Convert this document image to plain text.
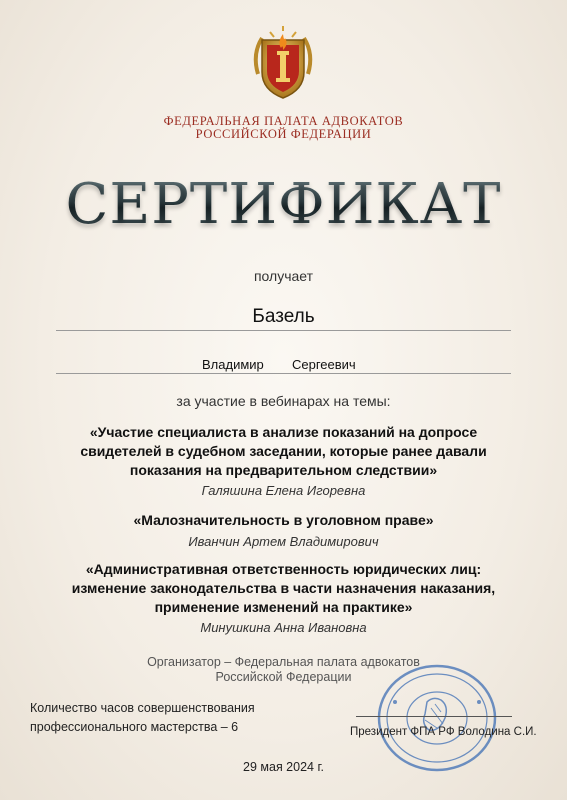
ФЕДЕРАЛЬНАЯ ПАЛАТА АДВОКАТОВ
РОССИЙСКОЙ ФЕДЕРАЦИИ
СЕРТИФИКАТ
получает
Базель
Владимир Сергеевич
за участие в вебинарах на темы:
«Участие специалиста в анализе показаний на допросе
свидетелей в судебном заседании, которые ранее давали
показания на предварительном следствии»
Галяшина Елена Игоревна
«Малозначительность в уголовном праве»
Иванчин Артем Владимирович
«Административная ответственность юридических лиц:
изменение законодательства в части назначения наказания,
применение изменений на практике»
Минушкина Анна Ивановна
Организатор – Федеральная палата адвокатов
Российской Федерации
Количество часов совершенствования
профессионального мастерства – 6	Президент ФПА РФ Володина С.И.
29 мая 2024 г.
